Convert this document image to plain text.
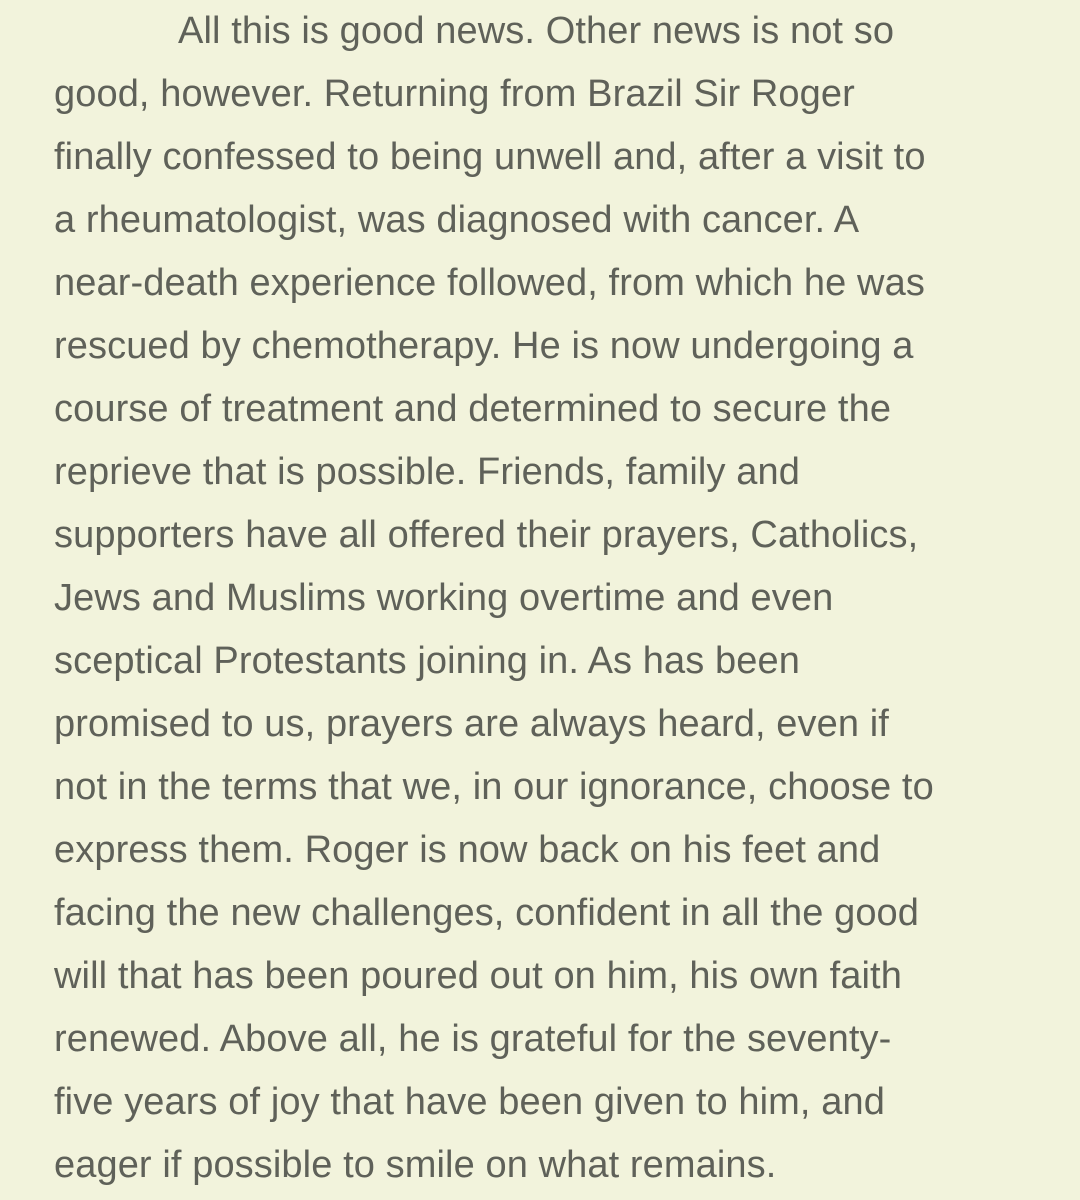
All this is good news. Other news is not so

good, however. Returning from Brazil Sir Roger

finally confessed to being unwell and, after a visit to

a rheumatologist, was diagnosed with cancer. A

near-death experience followed, from which he was

rescued by chemotherapy. He is now undergoing a

course of treatment and determined to secure the

reprieve that is possible. Friends, family and

supporters have all offered their prayers, Catholics,

Jews and Muslims working overtime and even

sceptical Protestants joining in. As has been

promised to us, prayers are always heard, even if

not in the terms that we, in our ignorance, choose to

express them. Roger is now back on his feet and

facing the new challenges, confident in all the good

will that has been poured out on him, his own faith

renewed. Above all, he is grateful for the seventy-

five years of joy that have been given to him, and

eager if possible to smile on what remains.
